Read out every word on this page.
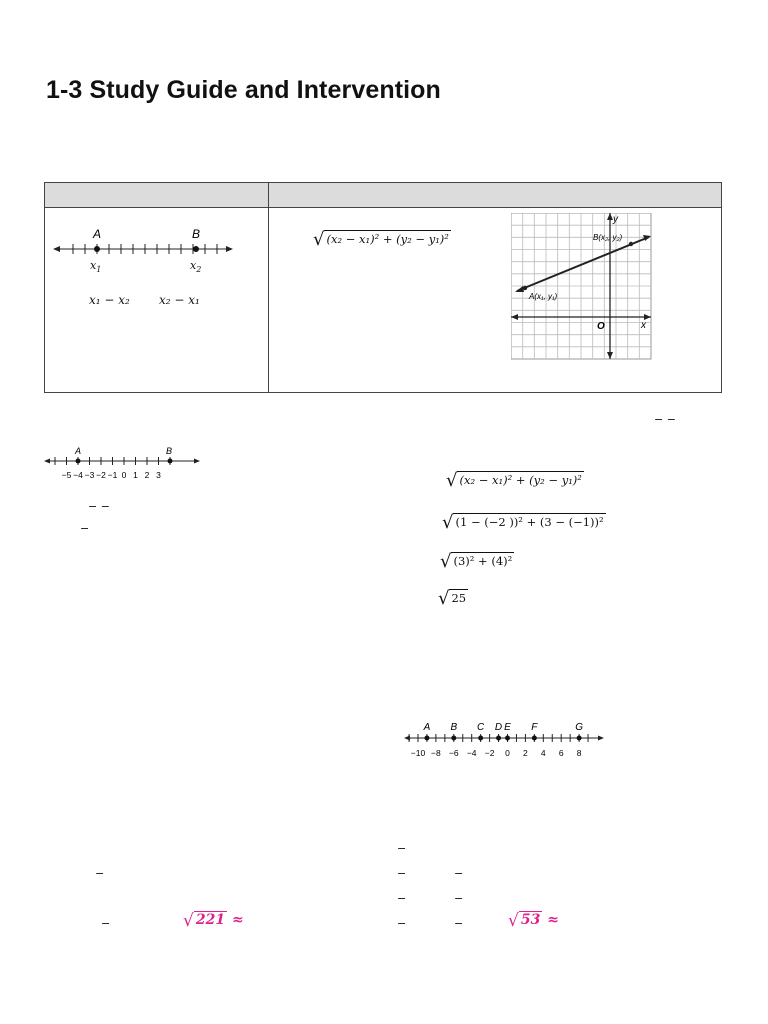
1-3 Study Guide and Intervention
A	B
$x_1$	$x_2$
x₁ − x₂ x₂ − x₁
√ (x₂ − x₁)² + (y₂ − y₁)²
y
x
O
B(x₂, y₂)
A(x₁, y₁)
− −
A	B
−5 −4 −3 −2 −1 0 1 2 3
− −
−
√ (x₂ − x₁)² + (y₂ − y₁)²
√ (1 − (−2 ))² + (3 − (−1))²
√ (3)² + (4)²
√ 25
A B C D E F	G
−10 −8 −6 −4 −2 0 2 4 6 8
−
−	√ 221 ≈
−
−	−
−	−
−	−	√ 53 ≈
